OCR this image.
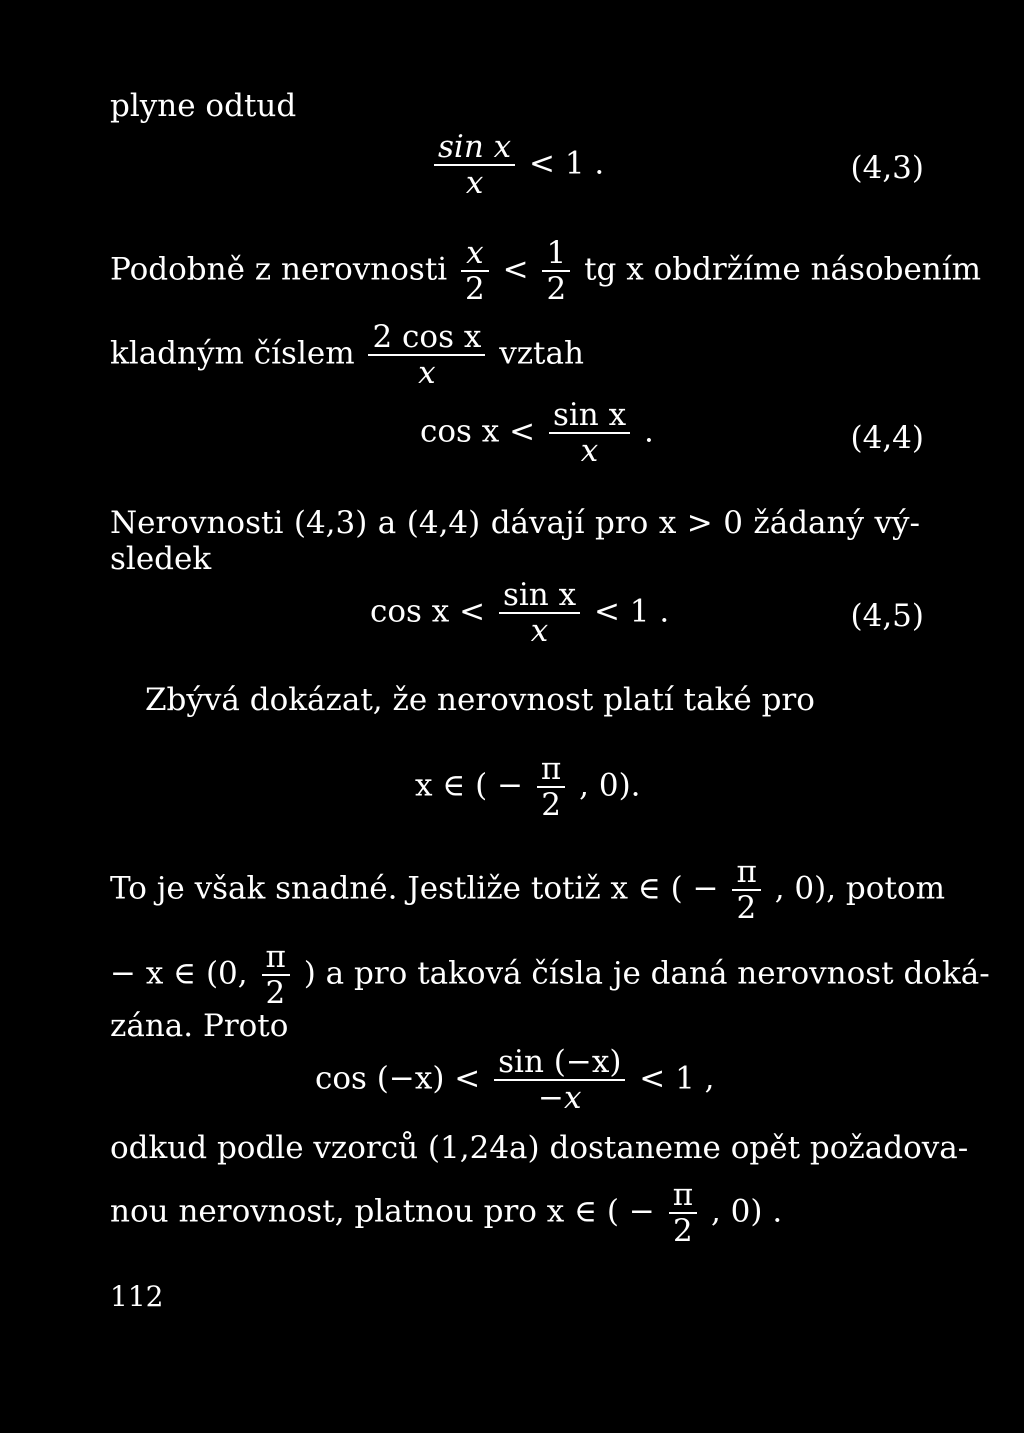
plyne odtud
$\frac{\text{sin x}}{x} < 1$ .	(4,3)
Podobně z nerovnosti $\frac{x}{2} < \frac{1}{2}$ tg x obdržíme násobením
kladným číslem $\frac{\text{2 cos x}}{x}$ vztah
$\cos x < \frac{\text{sin x}}{x}$ .	(4,4)
Nerovnosti (4,3) a (4,4) dávají pro x > 0 žádaný vý-
sledek
$\cos x < \frac{\text{sin x}}{x} < 1$ .	(4,5)
Zbývá dokázat, že nerovnost platí také pro
x ∈ ( − $\frac{\pi}{2}$ , 0).
To je však snadné. Jestliže totiž x ∈ ( − $\frac{\pi}{2}$ , 0), potom
− x ∈ (0, $\frac{\pi}{2}$ ) a pro taková čísla je daná nerovnost doká-
zána. Proto
$\cos (-x) < \frac{\sin (-x)}{-x} < 1$ ,
odkud podle vzorců (1,24a) dostaneme opět požadova-
nou nerovnost, platnou pro x ∈ ( − $\frac{\pi}{2}$ , 0) .
112
